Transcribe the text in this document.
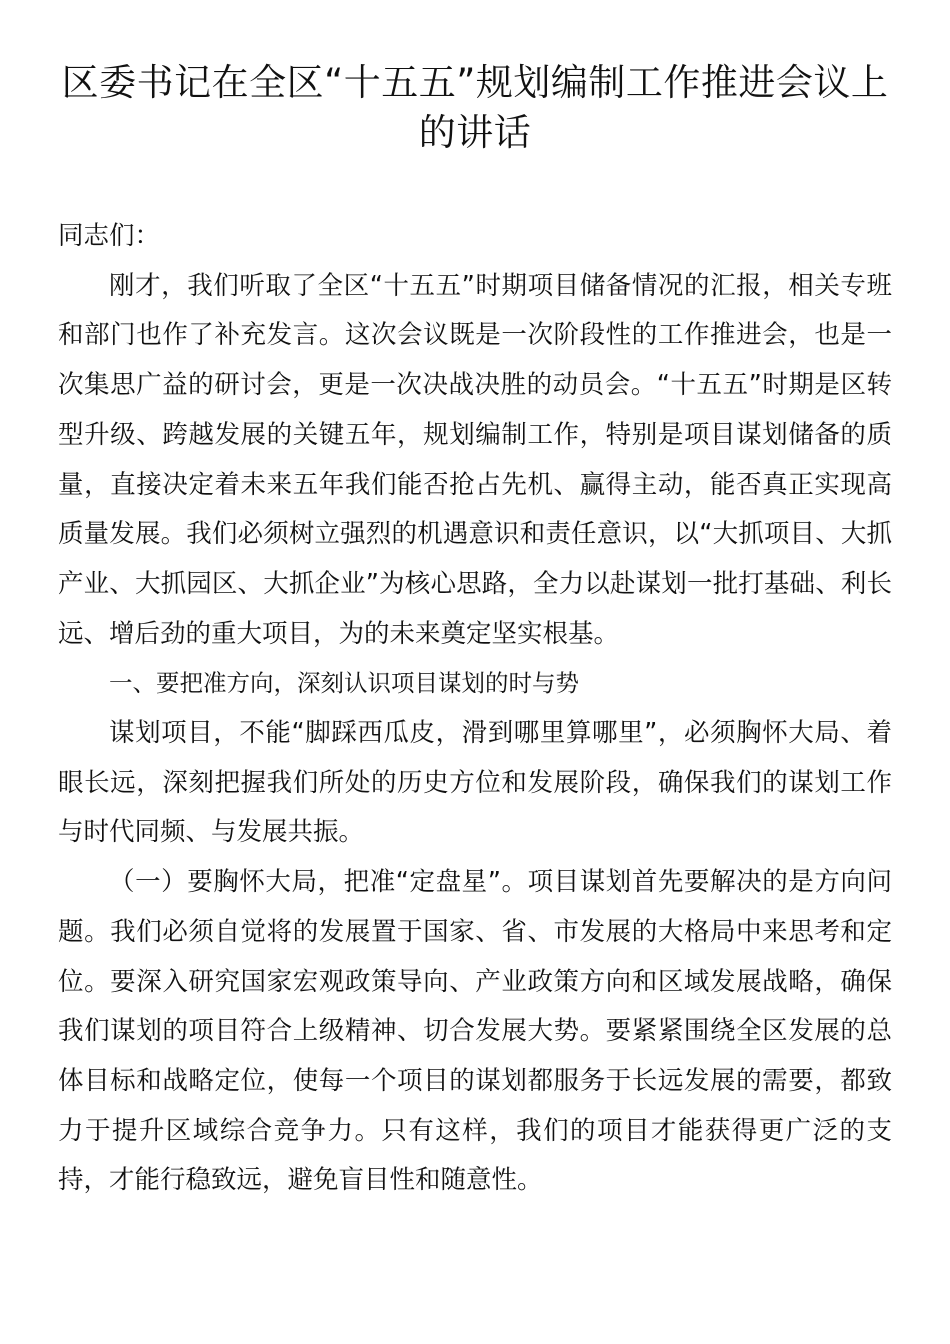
区委书记在全区“十五五”规划编制工作推进会议上的讲话

同志们：

刚才，我们听取了全区“十五五”时期项目储备情况的汇报，相关专班和部门也作了补充发言。这次会议既是一次阶段性的工作推进会，也是一次集思广益的研讨会，更是一次决战决胜的动员会。“十五五”时期是区转型升级、跨越发展的关键五年，规划编制工作，特别是项目谋划储备的质量，直接决定着未来五年我们能否抢占先机、赢得主动，能否真正实现高质量发展。我们必须树立强烈的机遇意识和责任意识，以“大抓项目、大抓产业、大抓园区、大抓企业”为核心思路，全力以赴谋划一批打基础、利长远、增后劲的重大项目，为的未来奠定坚实根基。

一、要把准方向，深刻认识项目谋划的时与势

谋划项目，不能“脚踩西瓜皮，滑到哪里算哪里”，必须胸怀大局、着眼长远，深刻把握我们所处的历史方位和发展阶段，确保我们的谋划工作与时代同频、与发展共振。

（一）要胸怀大局，把准“定盘星”。项目谋划首先要解决的是方向问题。我们必须自觉将的发展置于国家、省、市发展的大格局中来思考和定位。要深入研究国家宏观政策导向、产业政策方向和区域发展战略，确保我们谋划的项目符合上级精神、切合发展大势。要紧紧围绕全区发展的总体目标和战略定位，使每一个项目的谋划都服务于长远发展的需要，都致力于提升区域综合竞争力。只有这样，我们的项目才能获得更广泛的支持，才能行稳致远，避免盲目性和随意性。
